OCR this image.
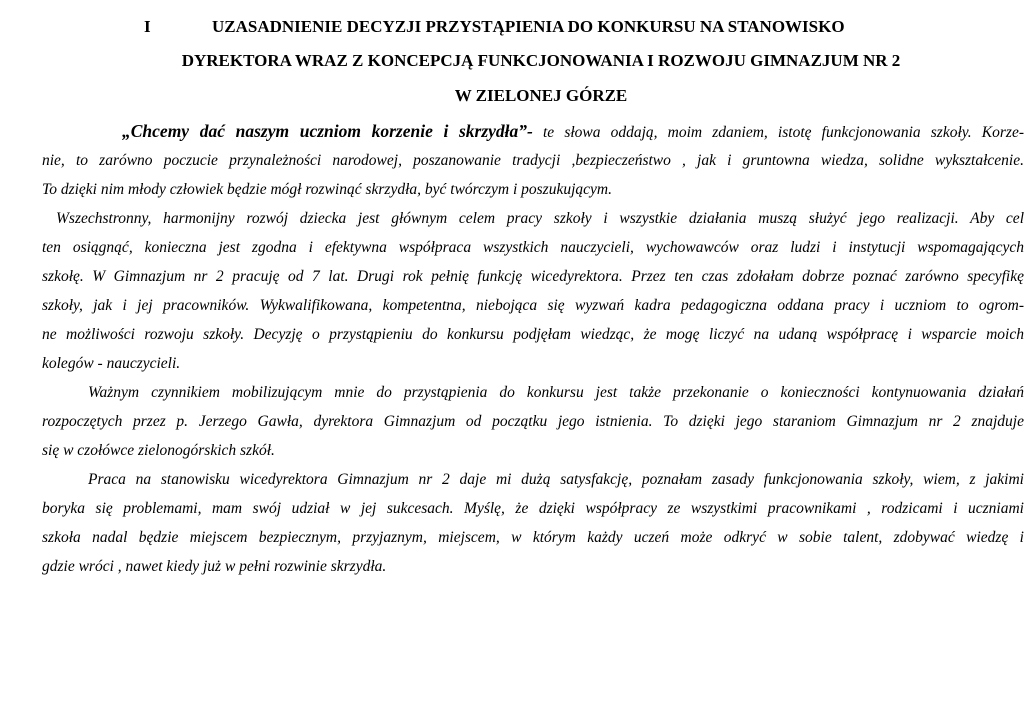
I	UZASADNIENIE DECYZJI PRZYSTĄPIENIA DO KONKURSU NA STANOWISKO
DYREKTORA WRAZ Z KONCEPCJĄ FUNKCJONOWANIA I ROZWOJU GIMNAZJUM NR 2
W ZIELONEJ GÓRZE
„Chcemy dać naszym uczniom korzenie i skrzydła”- te słowa oddają, moim zdaniem, istotę funkcjonowania szkoły. Korze-
nie, to zarówno poczucie przynależności narodowej, poszanowanie tradycji ,bezpieczeństwo , jak i gruntowna wiedza, solidne wykształcenie.
To dzięki nim młody człowiek będzie mógł rozwinąć skrzydła, być twórczym i poszukującym.
Wszechstronny, harmonijny rozwój dziecka jest głównym celem pracy szkoły i wszystkie działania muszą służyć jego realizacji. Aby cel
ten osiągnąć, konieczna jest zgodna i efektywna współpraca wszystkich nauczycieli, wychowawców oraz ludzi i instytucji wspomagających
szkołę. W Gimnazjum nr 2 pracuję od 7 lat. Drugi rok pełnię funkcję wicedyrektora. Przez ten czas zdołałam dobrze poznać zarówno specyfikę
szkoły, jak i jej pracowników. Wykwalifikowana, kompetentna, niebojąca się wyzwań kadra pedagogiczna oddana pracy i uczniom to ogrom-
ne możliwości rozwoju szkoły. Decyzję o przystąpieniu do konkursu podjęłam wiedząc, że mogę liczyć na udaną współpracę i wsparcie moich
kolegów - nauczycieli.
Ważnym czynnikiem mobilizującym mnie do przystąpienia do konkursu jest także przekonanie o konieczności kontynuowania działań
rozpoczętych przez p. Jerzego Gawła, dyrektora Gimnazjum od początku jego istnienia. To dzięki jego staraniom Gimnazjum nr 2 znajduje
się w czołówce zielonogórskich szkół.
Praca na stanowisku wicedyrektora Gimnazjum nr 2 daje mi dużą satysfakcję, poznałam zasady funkcjonowania szkoły, wiem, z jakimi
boryka się problemami, mam swój udział w jej sukcesach. Myślę, że dzięki współpracy ze wszystkimi pracownikami , rodzicami i uczniami
szkoła nadal będzie miejscem bezpiecznym, przyjaznym, miejscem, w którym każdy uczeń może odkryć w sobie talent, zdobywać wiedzę i
gdzie wróci , nawet kiedy już w pełni rozwinie skrzydła.
